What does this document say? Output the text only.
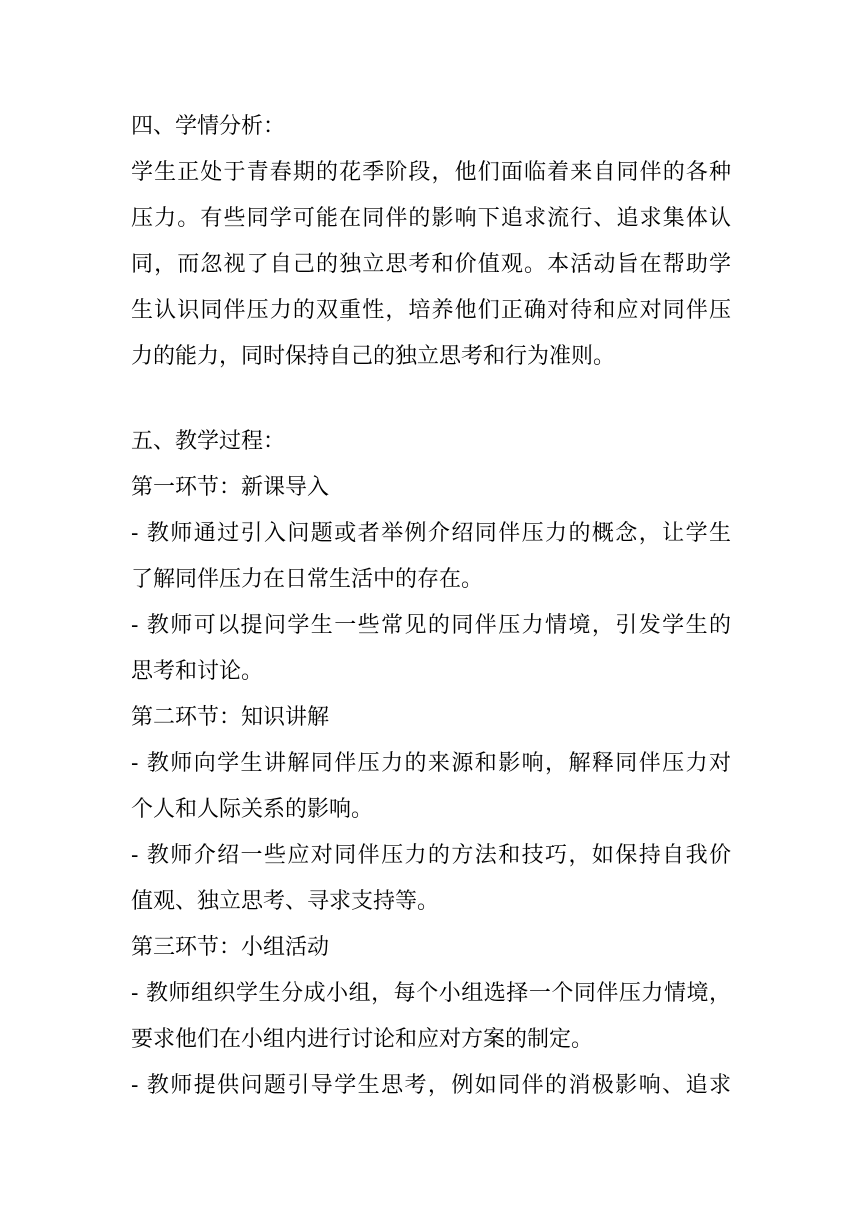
四、学情分析：
学生正处于青春期的花季阶段，他们面临着来自同伴的各种
压力。有些同学可能在同伴的影响下追求流行、追求集体认
同，而忽视了自己的独立思考和价值观。本活动旨在帮助学
生认识同伴压力的双重性，培养他们正确对待和应对同伴压
力的能力，同时保持自己的独立思考和行为准则。
五、教学过程：
第一环节：新课导入
- 教师通过引入问题或者举例介绍同伴压力的概念，让学生
了解同伴压力在日常生活中的存在。
- 教师可以提问学生一些常见的同伴压力情境，引发学生的
思考和讨论。
第二环节：知识讲解
- 教师向学生讲解同伴压力的来源和影响，解释同伴压力对
个人和人际关系的影响。
- 教师介绍一些应对同伴压力的方法和技巧，如保持自我价
值观、独立思考、寻求支持等。
第三环节：小组活动
- 教师组织学生分成小组，每个小组选择一个同伴压力情境，
要求他们在小组内进行讨论和应对方案的制定。
- 教师提供问题引导学生思考，例如同伴的消极影响、追求
